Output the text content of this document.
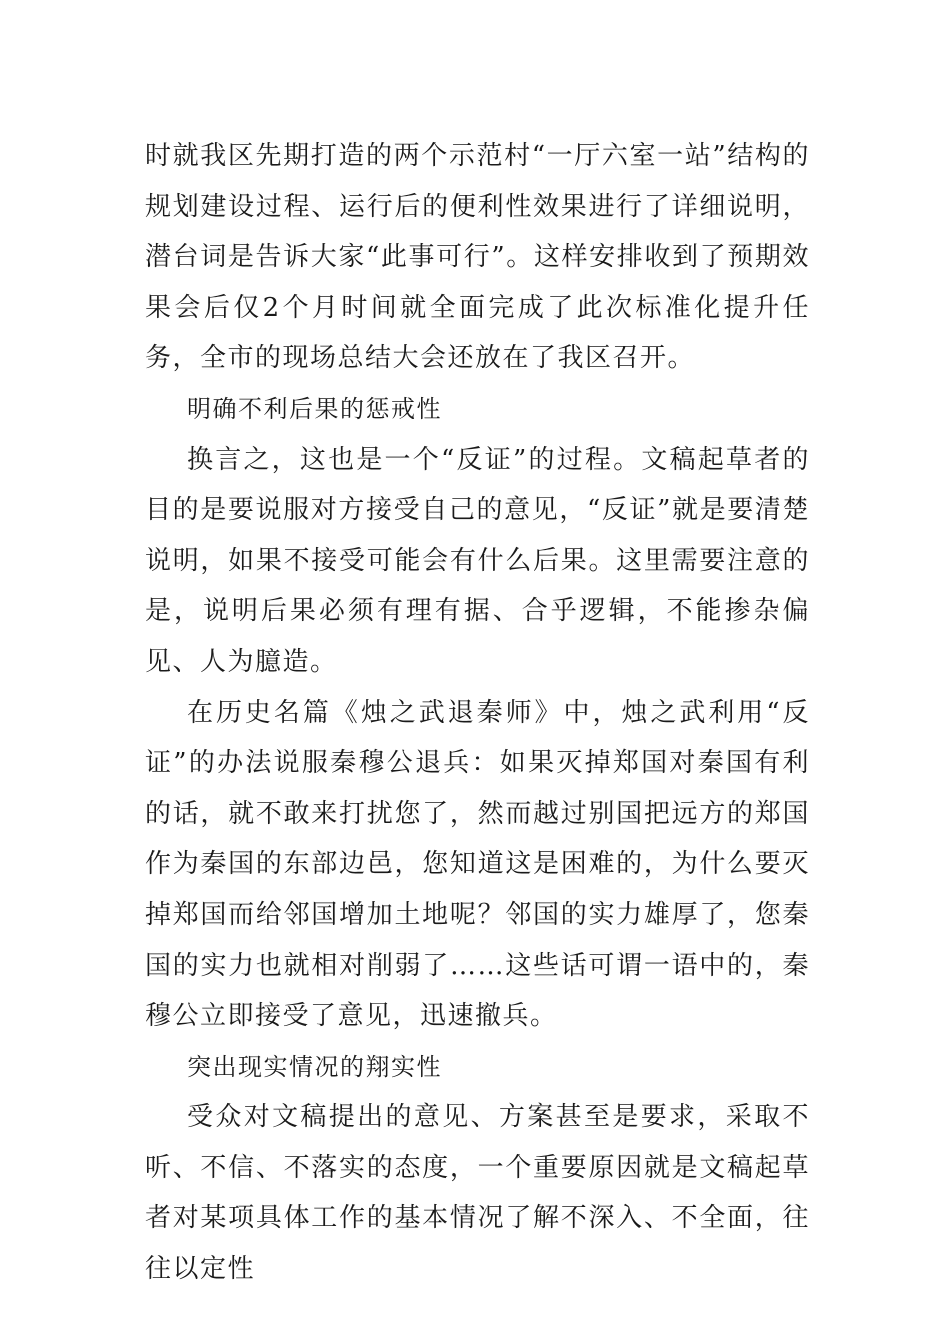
时就我区先期打造的两个示范村“一厅六室一站”结构的规划建设过程、运行后的便利性效果进行了详细说明，潜台词是告诉大家“此事可行”。这样安排收到了预期效果会后仅2个月时间就全面完成了此次标准化提升任务，全市的现场总结大会还放在了我区召开。

明确不利后果的惩戒性

换言之，这也是一个“反证”的过程。文稿起草者的目的是要说服对方接受自己的意见，“反证”就是要清楚说明，如果不接受可能会有什么后果。这里需要注意的是，说明后果必须有理有据、合乎逻辑，不能掺杂偏见、人为臆造。

在历史名篇《烛之武退秦师》中，烛之武利用“反证”的办法说服秦穆公退兵：如果灭掉郑国对秦国有利的话，就不敢来打扰您了，然而越过别国把远方的郑国作为秦国的东部边邑，您知道这是困难的，为什么要灭掉郑国而给邻国增加土地呢？邻国的实力雄厚了，您秦国的实力也就相对削弱了……这些话可谓一语中的，秦穆公立即接受了意见，迅速撤兵。

突出现实情况的翔实性

受众对文稿提出的意见、方案甚至是要求，采取不听、不信、不落实的态度，一个重要原因就是文稿起草者对某项具体工作的基本情况了解不深入、不全面，往往以定性
